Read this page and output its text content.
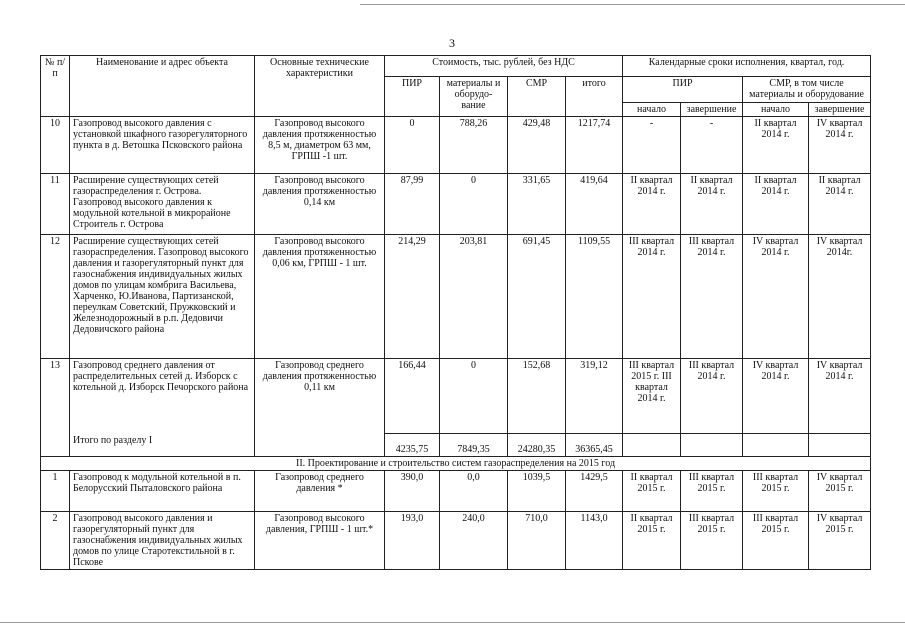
3
№ п/п	Наименование и адрес объекта	Основные технические характеристики	Стоимость, тыс. рублей, без НДС				Календарные сроки исполнения, квартал, год.			
			ПИР	материалы и оборудо-вание	СМР	итого	ПИР		СМР, в том числе материалы и оборудование	
							начало	завершение	начало	завершение
10	Газопровод высокого давления с установкой шкафного газорегуляторного пункта в д. Ветошка Псковского района	Газопровод высокого давления протяженностью 8,5 м, диаметром 63 мм, ГРПШ -1 шт.	0	788,26	429,48	1217,74	-	-	II квартал 2014 г.	IV квартал 2014 г.
11	Расширение существующих сетей газораспределения г. Острова. Газопровод высокого давления к модульной котельной в микрорайоне Строитель г. Острова	Газопровод высокого давления протяженностью 0,14 км	87,99	0	331,65	419,64	II квартал 2014 г.	II квартал 2014 г.	II квартал 2014 г.	II квартал 2014 г.
12	Расширение существующих сетей газораспределения. Газопровод высокого давления и газорегуляторный пункт для газоснабжения индивидуальных жилых домов по улицам комбрига Васильева, Харченко, Ю.Иванова, Партизанской, переулкам Советский, Пружковский и Железнодорожный в р.п. Дедовичи Дедовичского района	Газопровод высокого давления протяженностью 0,06 км, ГРПШ - 1 шт.	214,29	203,81	691,45	1109,55	III квартал 2014 г.	III квартал 2014 г.	IV квартал 2014 г.	IV квартал 2014г.
13	Газопровод среднего давления от распределительных сетей д. Изборск с котельной д. Изборск Печорского района	Газопровод среднего давления протяженностью 0,11 км	166,44	0	152,68	319,12	III квартал 2015 г. III квартал 2014 г.	III квартал 2014 г.	IV квартал 2014 г.	IV квартал 2014 г.
	Итого по разделу I		4235,75	7849,35	24280,35	36365,45				
II. Проектирование и строительство систем газораспределения на 2015 год										
1	Газопровод к модульной котельной в п. Белорусский Пыталовского района	Газопровод среднего давления *	390,0	0,0	1039,5	1429,5	II квартал 2015 г.	III квартал 2015 г.	III квартал 2015 г.	IV квартал 2015 г.
2	Газопровод высокого давления и газорегуляторный пункт для газоснабжения индивидуальных жилых домов по улице Старотекстильной в г. Пскове	Газопровод высокого давления, ГРПШ - 1 шт.*	193,0	240,0	710,0	1143,0	II квартал 2015 г.	III квартал 2015 г.	III квартал 2015 г.	IV квартал 2015 г.
